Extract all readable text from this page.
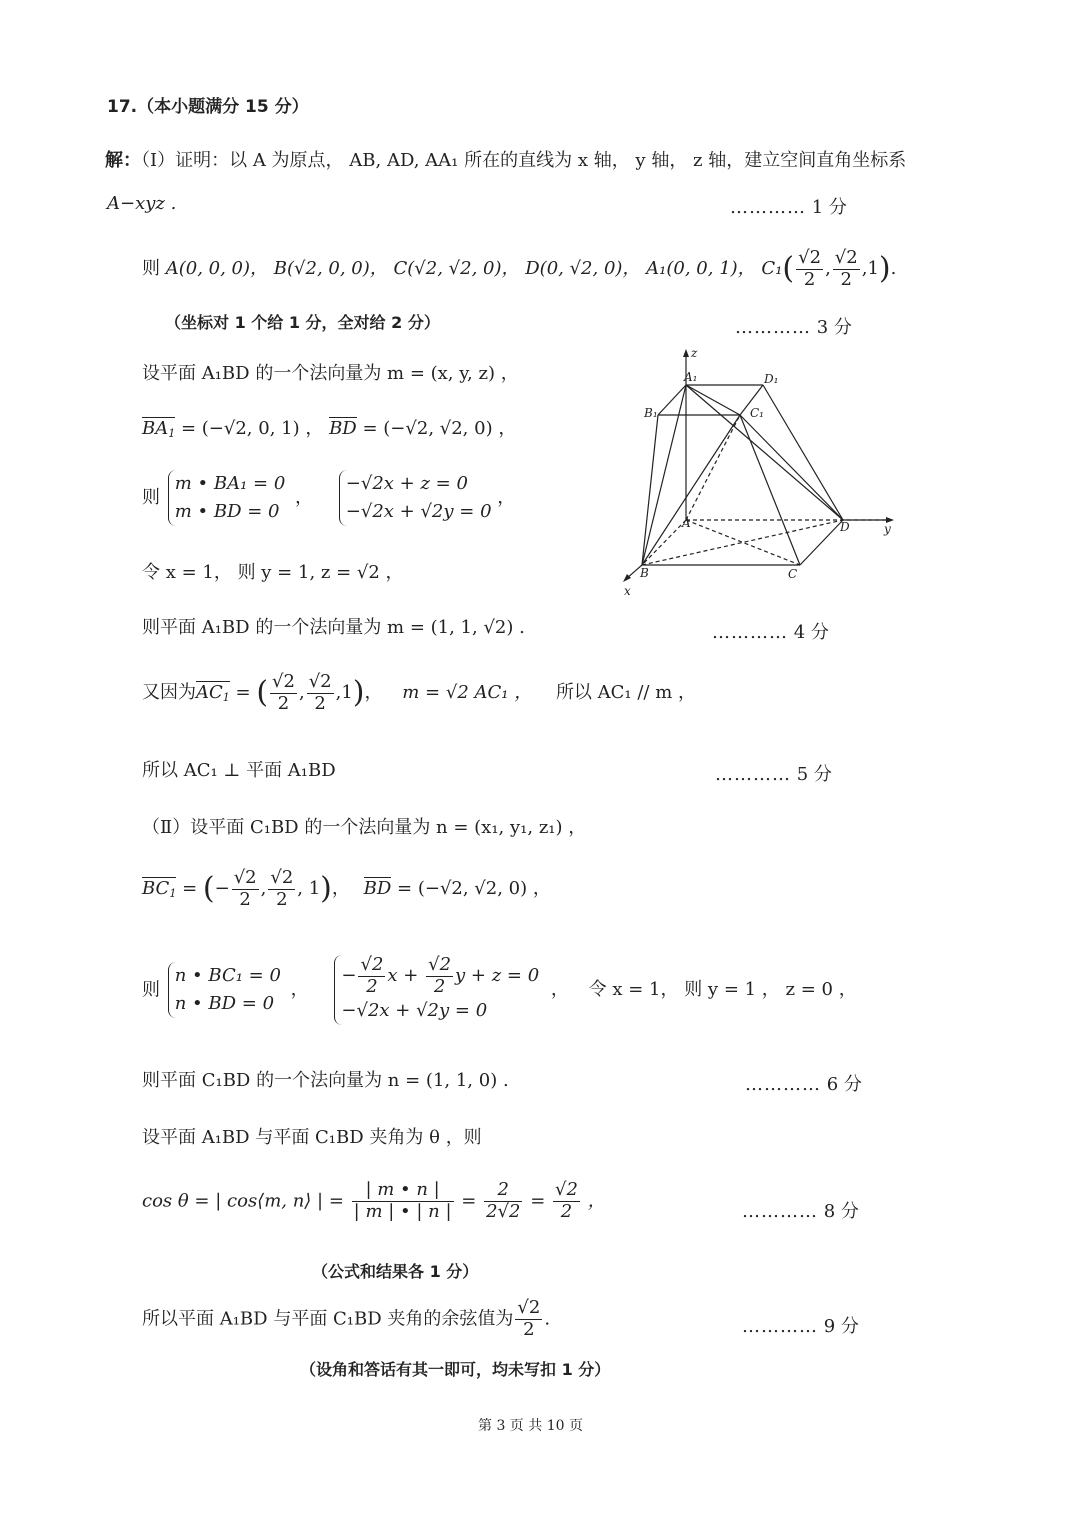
17.（本小题满分 15 分）
解：（Ⅰ）证明：以 A 为原点， AB, AD, AA₁ 所在的直线为 x 轴， y 轴， z 轴，建立空间直角坐标系
A−xyz .	………… 1 分
则 A(0, 0, 0)， B(√2, 0, 0)， C(√2, √2, 0)， D(0, √2, 0)， A₁(0, 0, 1)， $C_1( \frac{√2}{2}$ , $\frac{√2}{2} ,1$).
（坐标对 1 个给 1 分，全对给 2 分）	………… 3 分
设平面 A₁BD 的一个法向量为 m = (x, y, z) ，
$BA_1 = (-√2$, 0, 1) ， BD = (−√2, √2, 0) ，
则
m • BA₁ = 0
m • BD = 0
，
−√2x + z = 0
−√2x + √2y = 0
，
令 x = 1， 则 y = 1, z = √2 ，
则平面 A₁BD 的一个法向量为 m = (1, 1, √2) .	………… 4 分
又因为$AC_1$ = ( $\frac{√2}{2}$ , $\frac{√2}{2} ,1$)， m = √2 AC₁ ， 所以 AC₁ // m ，
所以 AC₁ ⊥ 平面 A₁BD	………… 5 分
（Ⅱ）设平面 C₁BD 的一个法向量为 n = (x₁, y₁, z₁) ，
$BC_1$ = (− $\frac{√2}{2}$ , $\frac{√2}{2}$ , 1)， BD = (−√2, √2, 0) ，
则
n • BC₁ = 0
n • BD = 0
，
− $\frac{√2}{2}$ $x + \frac{√2}{2}$ y + z = 0
−√2x + √2y = 0
， 令 x = 1， 则 y = 1 ， z = 0 ，
则平面 C₁BD 的一个法向量为 n = (1, 1, 0) .	………… 6 分
设平面 A₁BD 与平面 C₁BD 夹角为 θ ，则
cos θ = | cos⟨m, n⟩ | = $\frac{| m • n |}{| m | • | n |} = \frac{2}{2√2} = \frac{√2}{2}$ ，
………… 8 分
（公式和结果各 1 分）
所以平面 A₁BD 与平面 C₁BD 夹角的余弦值为 $\frac{√2}{2}$ .	………… 9 分
（设角和答话有其一即可，均未写扣 1 分）
第 3 页 共 10 页
z
A₁	D₁
B₁	C₁
A	D	y
B	C
x
